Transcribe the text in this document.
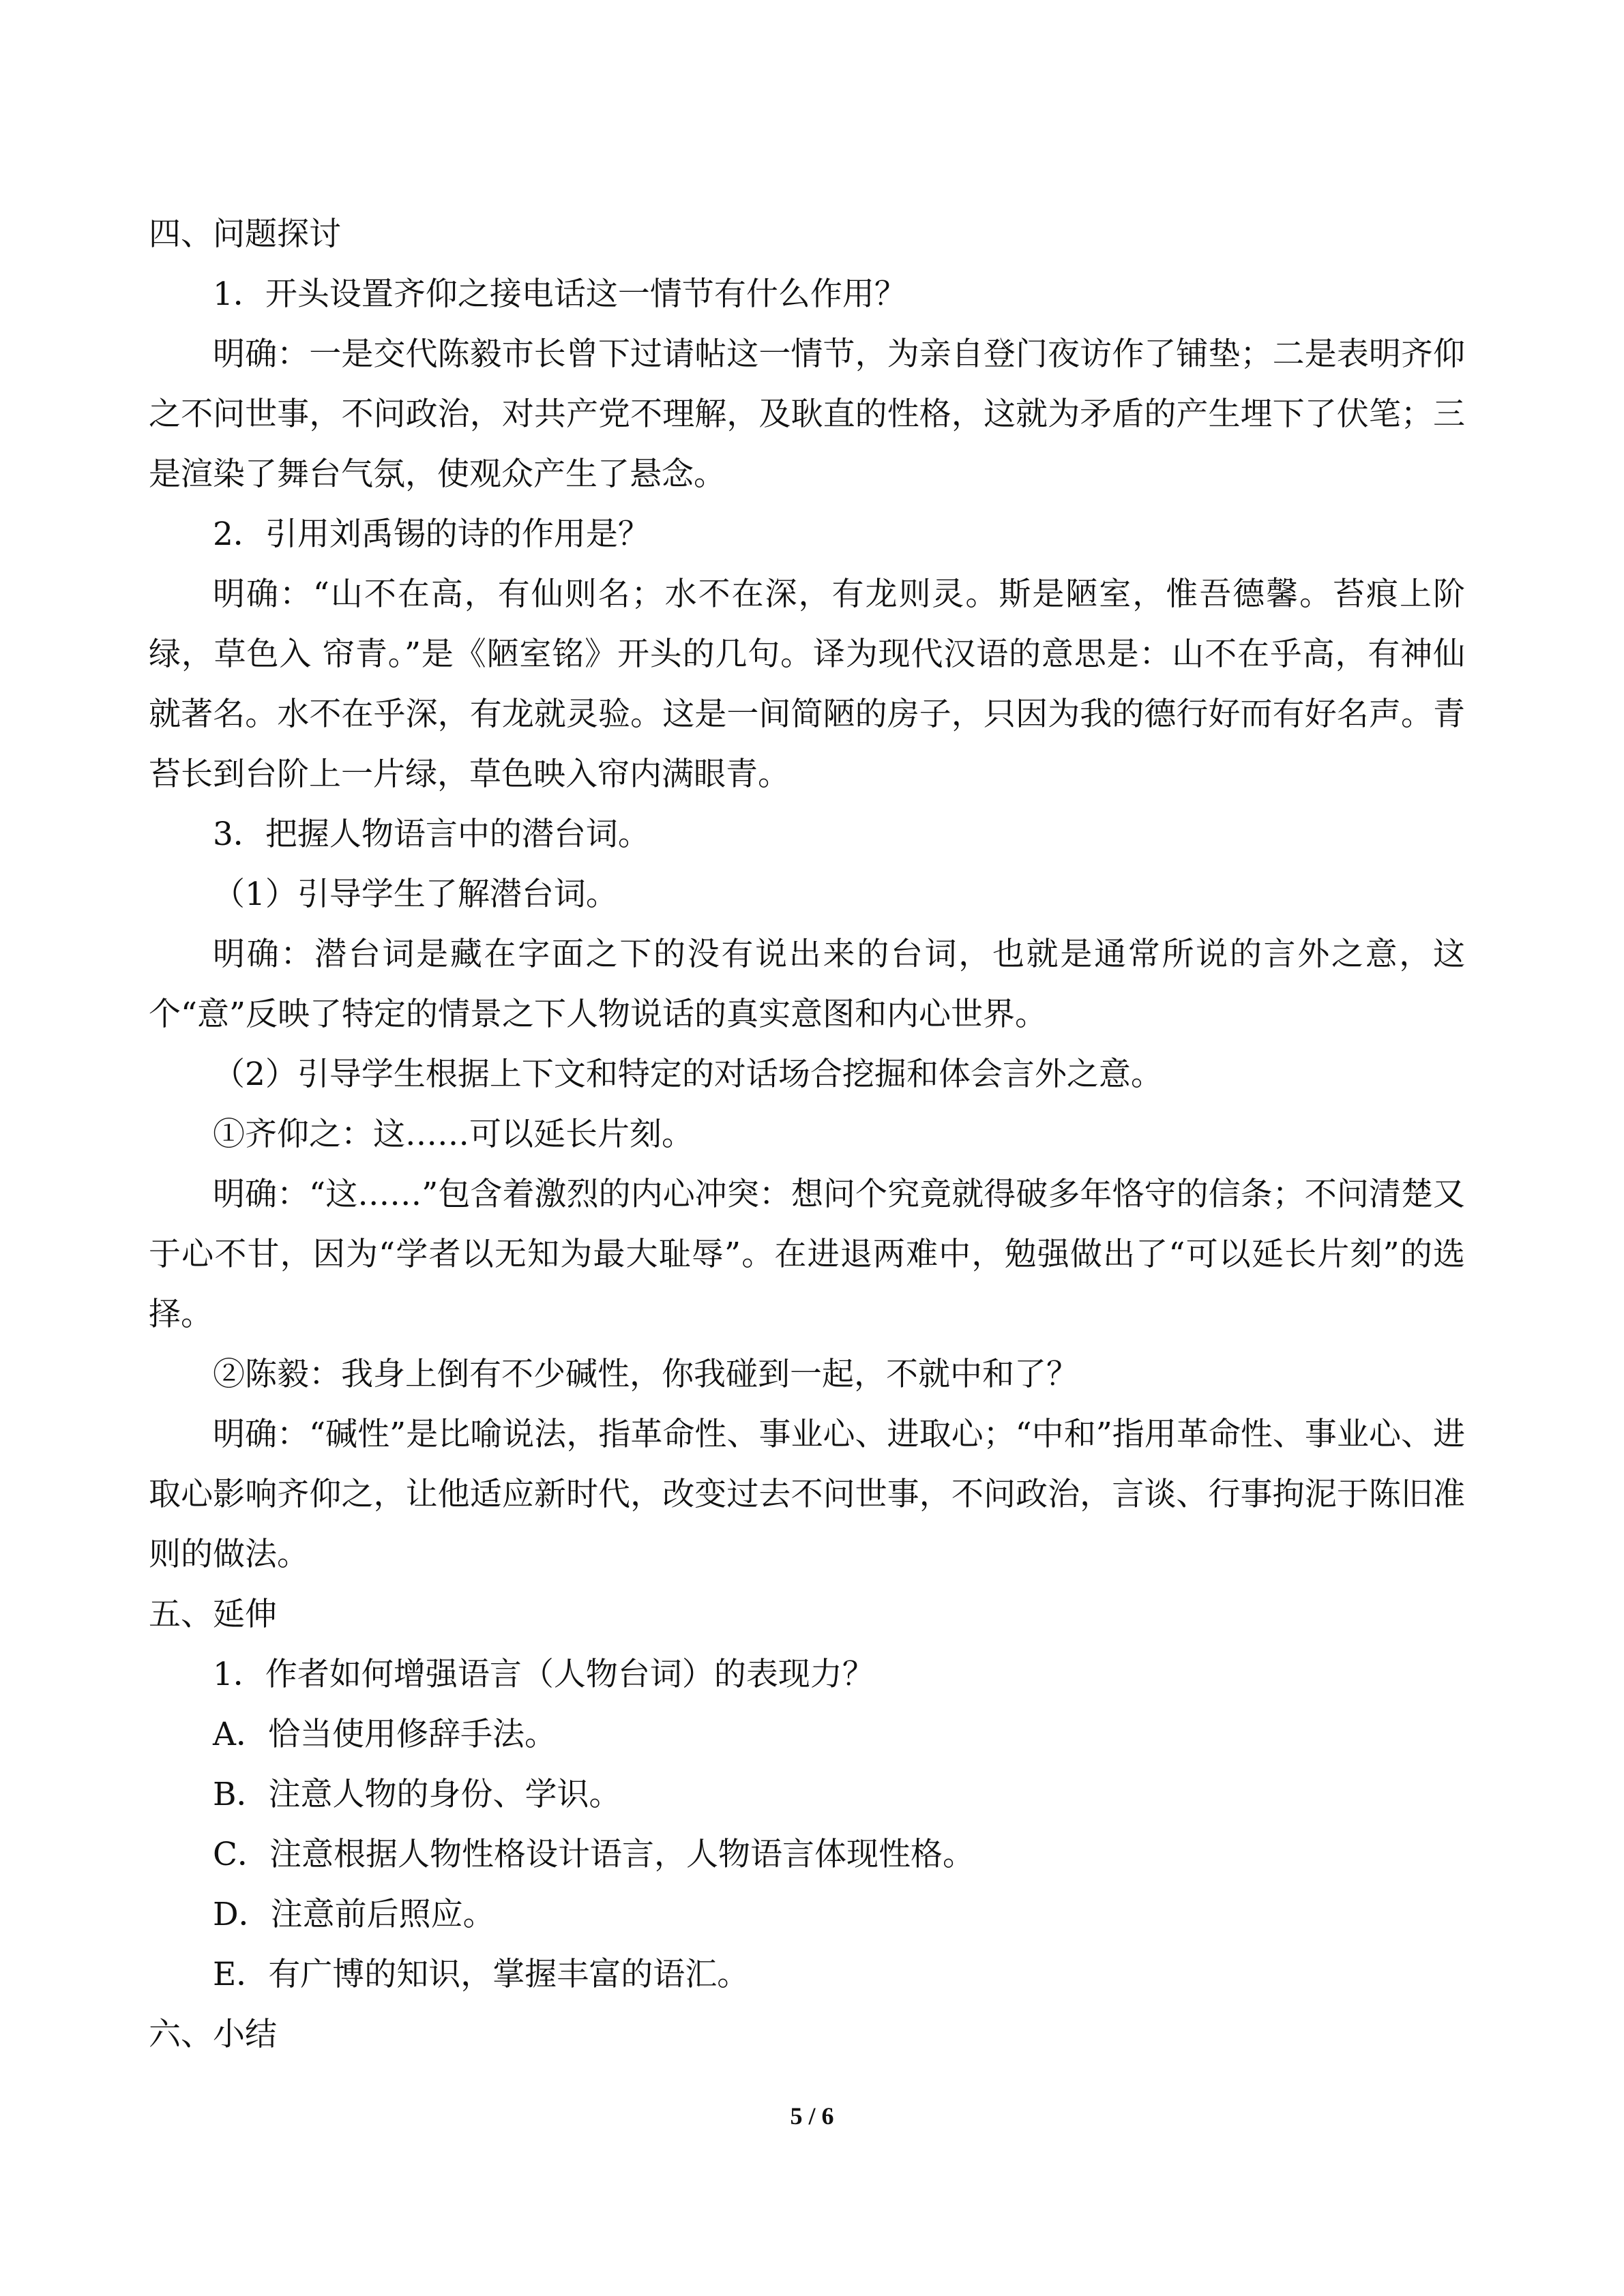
四、问题探讨
1．开头设置齐仰之接电话这一情节有什么作用？
明确：一是交代陈毅市长曾下过请帖这一情节，为亲自登门夜访作了铺垫；二是表明齐仰之不问世事，不问政治，对共产党不理解，及耿直的性格，这就为矛盾的产生埋下了伏笔；三是渲染了舞台气氛，使观众产生了悬念。
2．引用刘禹锡的诗的作用是？
明确：“山不在高，有仙则名；水不在深，有龙则灵。斯是陋室，惟吾德馨。苔痕上阶绿，草色入 帘青。”是《陋室铭》开头的几句。译为现代汉语的意思是：山不在乎高，有神仙就著名。水不在乎深，有龙就灵验。这是一间简陋的房子，只因为我的德行好而有好名声。青苔长到台阶上一片绿，草色映入帘内满眼青。
3．把握人物语言中的潜台词。
（1）引导学生了解潜台词。
明确：潜台词是藏在字面之下的没有说出来的台词，也就是通常所说的言外之意，这个“意”反映了特定的情景之下人物说话的真实意图和内心世界。
（2）引导学生根据上下文和特定的对话场合挖掘和体会言外之意。
①齐仰之：这……可以延长片刻。
明确：“这……”包含着激烈的内心冲突：想问个究竟就得破多年恪守的信条；不问清楚又于心不甘，因为“学者以无知为最大耻辱”。在进退两难中，勉强做出了“可以延长片刻”的选择。
②陈毅：我身上倒有不少碱性，你我碰到一起，不就中和了？
明确：“碱性”是比喻说法，指革命性、事业心、进取心；“中和”指用革命性、事业心、进取心影响齐仰之，让他适应新时代，改变过去不问世事，不问政治，言谈、行事拘泥于陈旧准则的做法。
五、延伸
1．作者如何增强语言（人物台词）的表现力？
A．恰当使用修辞手法。
B．注意人物的身份、学识。
C．注意根据人物性格设计语言，人物语言体现性格。
D．注意前后照应。
E．有广博的知识，掌握丰富的语汇。
六、小结
5 / 6
